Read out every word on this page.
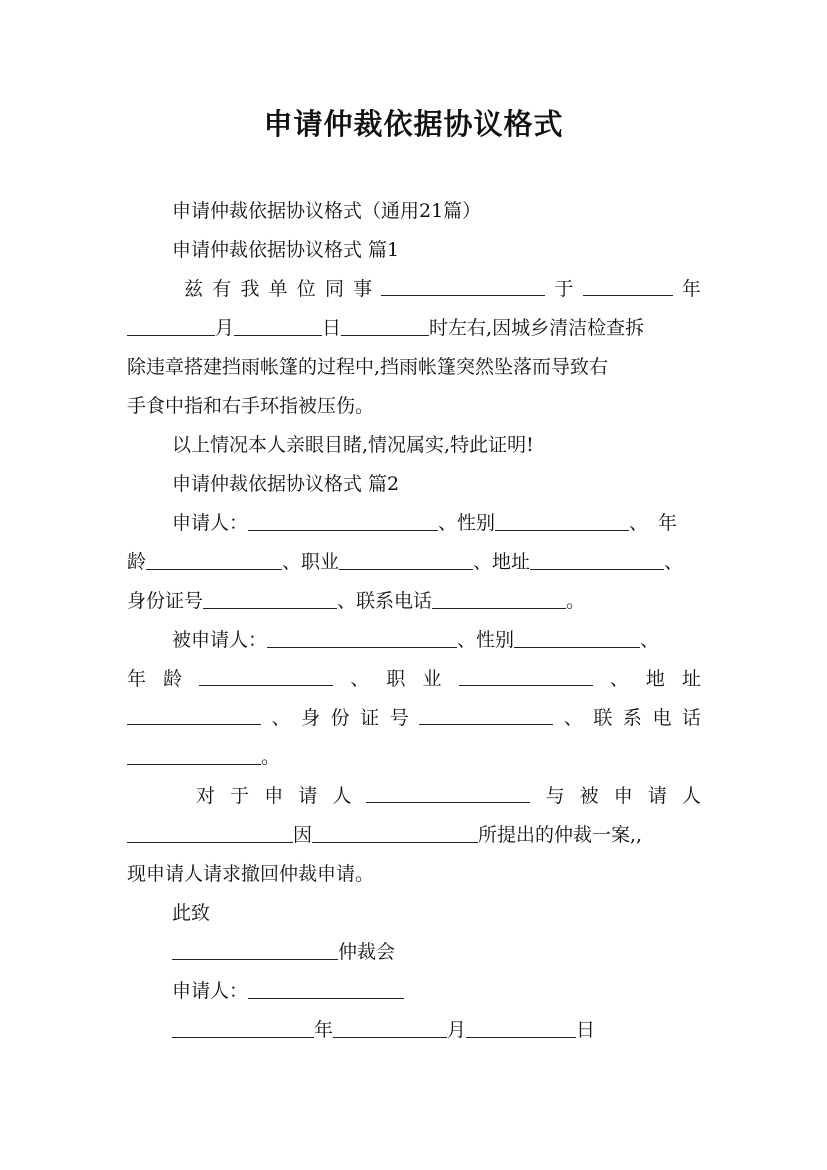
申请仲裁依据协议格式
申请仲裁依据协议格式（通用21篇）
申请仲裁依据协议格式 篇1
兹 有 我 单 位 同 事	于	年
月	日	时左右,因城乡清洁检查拆
除违章搭建挡雨帐篷的过程中,挡雨帐篷突然坠落而导致右
手食中指和右手环指被压伤。
以上情况本人亲眼目睹,情况属实,特此证明!
申请仲裁依据协议格式 篇2
申请人：	、性别	、 年
龄	、职业	、地址	、
身份证号	、联系电话	。
被申请人：	、性别	、
年 龄	、 职 业	、 地 址
、 身 份 证 号	、 联 系 电 话
。
对 于 申 请 人	与 被 申 请 人
因	所提出的仲裁一案,,
现申请人请求撤回仲裁申请。
此致
仲裁会
申请人：
年	月	日
